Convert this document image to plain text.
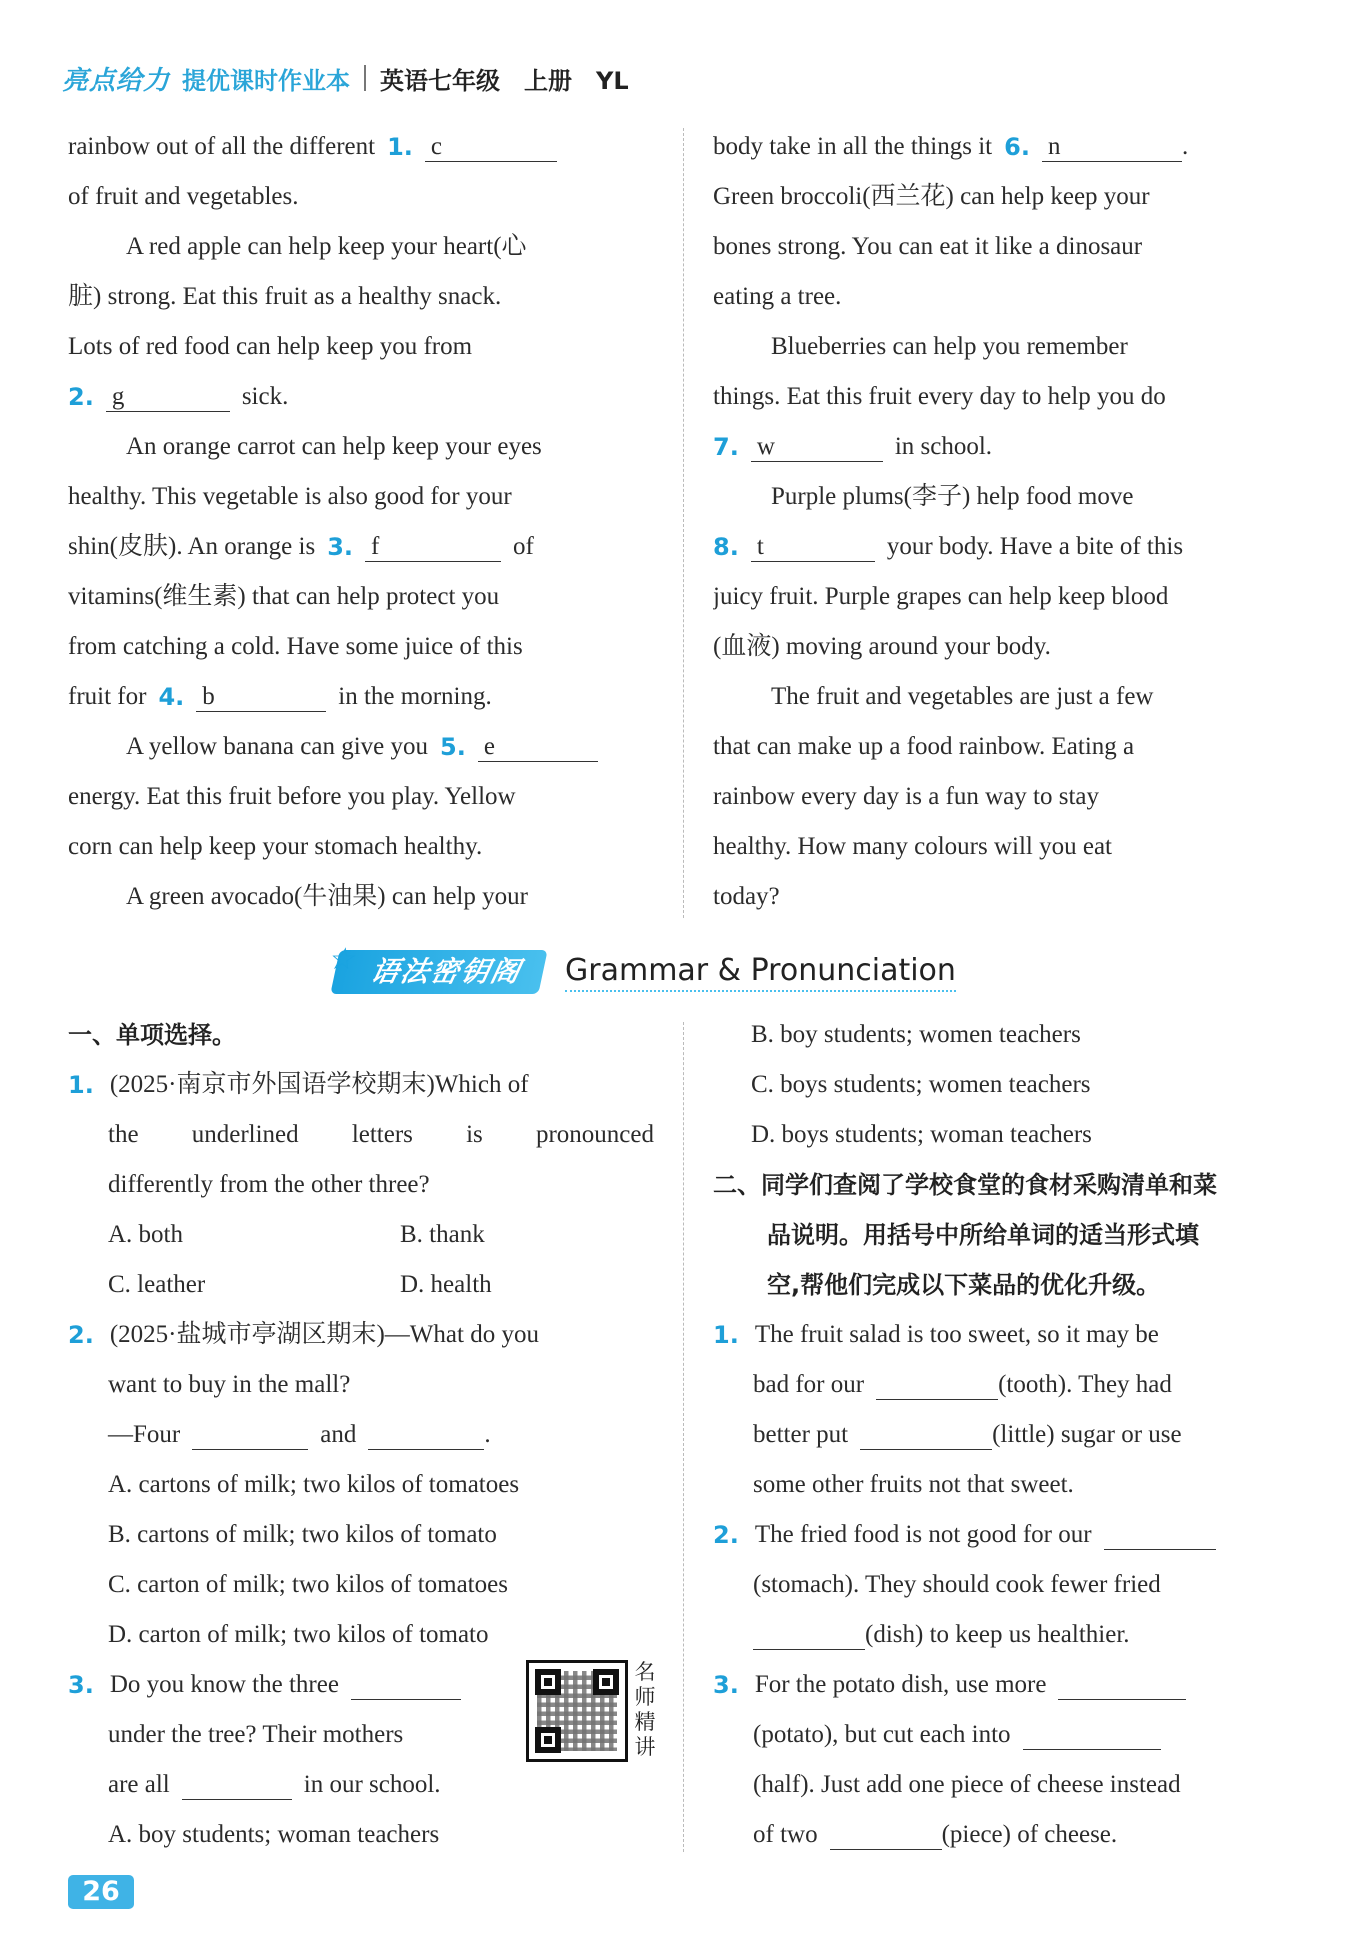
亮点给力 提优课时作业本 英语七年级　上册　YL
rainbow out of all the different 1. c
of fruit and vegetables.
A red apple can help keep your heart(心
脏) strong. Eat this fruit as a healthy snack.
Lots of red food can help keep you from
2. g	sick.
An orange carrot can help keep your eyes
healthy. This vegetable is also good for your
shin(皮肤). An orange is 3. f	of
vitamins(维生素) that can help protect you
from catching a cold. Have some juice of this
fruit for 4. b	in the morning.
A yellow banana can give you 5. e
energy. Eat this fruit before you play. Yellow
corn can help keep your stomach healthy.
A green avocado(牛油果) can help your
body take in all the things it 6. n	.
Green broccoli(西兰花) can help keep your
bones strong. You can eat it like a dinosaur
eating a tree.
Blueberries can help you remember
things. Eat this fruit every day to help you do
7. w	in school.
Purple plums(李子) help food move
8. t	your body. Have a bite of this
juicy fruit. Purple grapes can help keep blood
(血液) moving around your body.
The fruit and vegetables are just a few
that can make up a food rainbow. Eating a
rainbow every day is a fun way to stay
healthy. How many colours will you eat
today?
☆ 语法密钥阁	Grammar & Pronunciation
一、单项选择。
1. (2025·南京市外国语学校期末)Which of
the underlined letters is pronounced
differently from the other three?
A. both	B. thank
C. leather	D. health
2. (2025·盐城市亭湖区期末)—What do you
want to buy in the mall?
—Four	and	.
A. cartons of milk; two kilos of tomatoes
B. cartons of milk; two kilos of tomato
C. carton of milk; two kilos of tomatoes
D. carton of milk; two kilos of tomato
3. Do you know the three
under the tree? Their mothers
are all	in our school.
A. boy students; woman teachers
名师精讲
B. boy students; women teachers
C. boys students; women teachers
D. boys students; woman teachers
二、同学们查阅了学校食堂的食材采购清单和菜
品说明。用括号中所给单词的适当形式填
空,帮他们完成以下菜品的优化升级。
1. The fruit salad is too sweet, so it may be
bad for our	(tooth). They had
better put	(little) sugar or use
some other fruits not that sweet.
2. The fried food is not good for our
(stomach). They should cook fewer fried
(dish) to keep us healthier.
3. For the potato dish, use more
(potato), but cut each into
(half). Just add one piece of cheese instead
of two	(piece) of cheese.
26
